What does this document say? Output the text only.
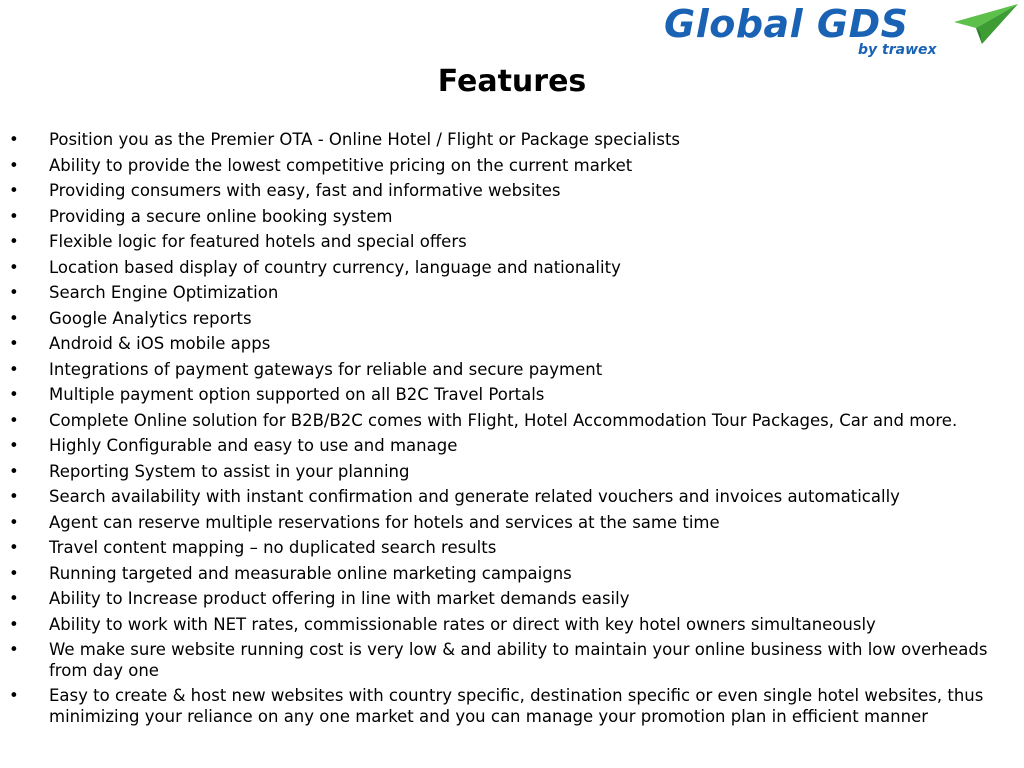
Global GDS
by trawex
Features
• Position you as the Premier OTA - Online Hotel / Flight or Package specialists
• Ability to provide the lowest competitive pricing on the current market
• Providing consumers with easy, fast and informative websites
• Providing a secure online booking system
• Flexible logic for featured hotels and special offers
• Location based display of country currency, language and nationality
• Search Engine Optimization
• Google Analytics reports
• Android & iOS mobile apps
• Integrations of payment gateways for reliable and secure payment
• Multiple payment option supported on all B2C Travel Portals
• Complete Online solution for B2B/B2C comes with Flight, Hotel Accommodation Tour Packages, Car and more.
• Highly Configurable and easy to use and manage
• Reporting System to assist in your planning
• Search availability with instant confirmation and generate related vouchers and invoices automatically
• Agent can reserve multiple reservations for hotels and services at the same time
• Travel content mapping – no duplicated search results
• Running targeted and measurable online marketing campaigns
• Ability to Increase product offering in line with market demands easily
• Ability to work with NET rates, commissionable rates or direct with key hotel owners simultaneously
• We make sure website running cost is very low & and ability to maintain your online business with low overheads from day one
• Easy to create & host new websites with country specific, destination specific or even single hotel websites, thus minimizing your reliance on any one market and you can manage your promotion plan in efficient manner
